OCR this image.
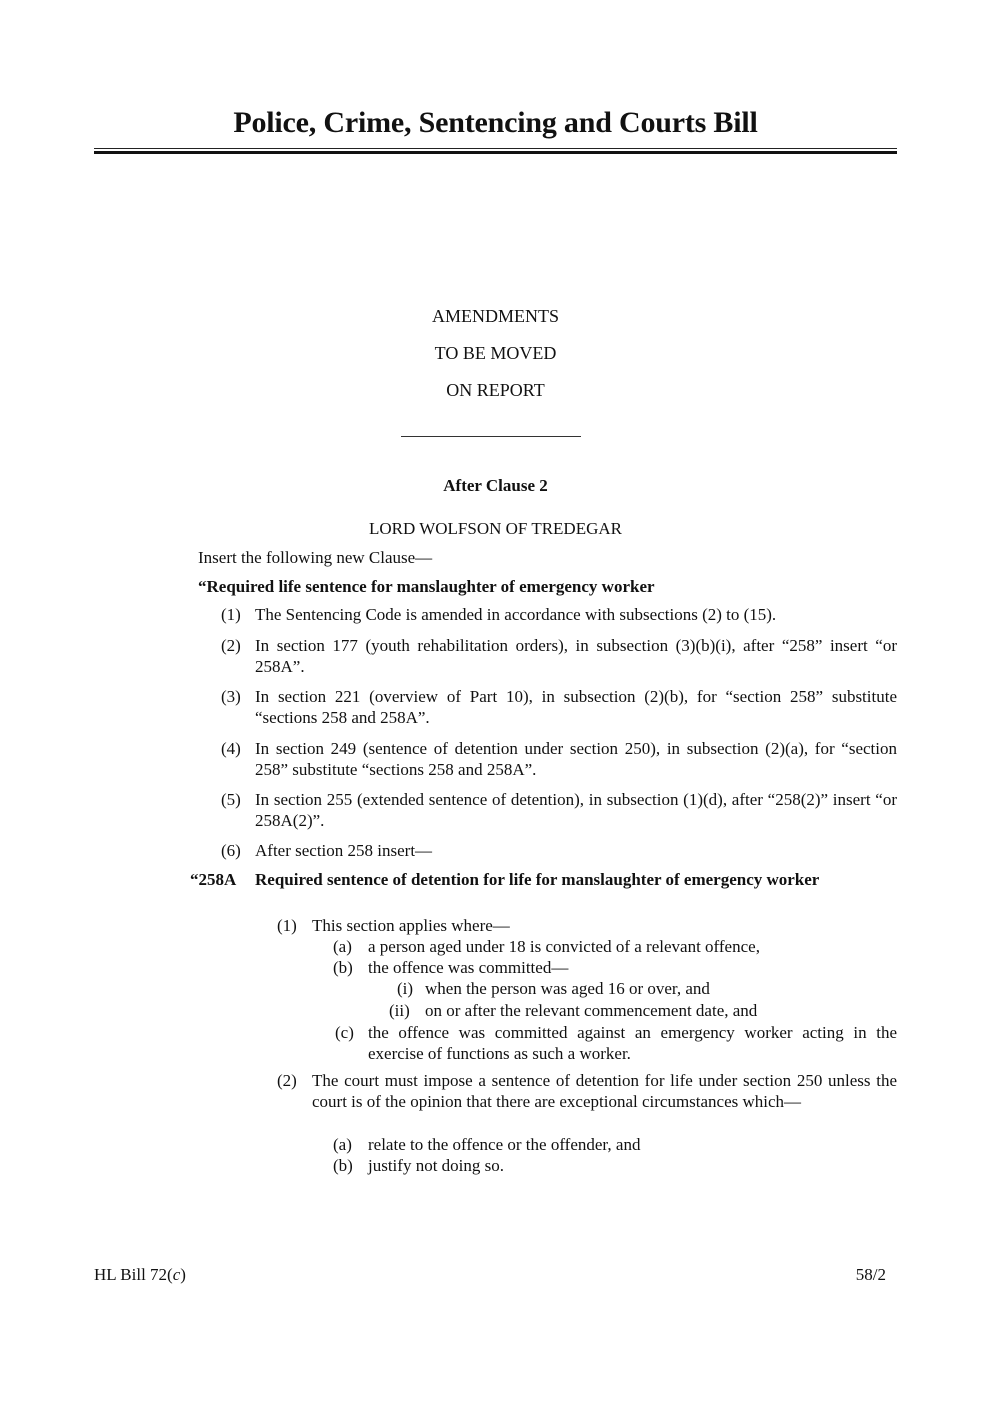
Police, Crime, Sentencing and Courts Bill
AMENDMENTS
TO BE MOVED
ON REPORT
After Clause 2
LORD WOLFSON OF TREDEGAR
Insert the following new Clause—
“Required life sentence for manslaughter of emergency worker
(1) The Sentencing Code is amended in accordance with subsections (2) to (15).
(2) In section 177 (youth rehabilitation orders), in subsection (3)(b)(i), after “258” insert “or 258A”.
(3) In section 221 (overview of Part 10), in subsection (2)(b), for “section 258” substitute “sections 258 and 258A”.
(4) In section 249 (sentence of detention under section 250), in subsection (2)(a), for “section 258” substitute “sections 258 and 258A”.
(5) In section 255 (extended sentence of detention), in subsection (1)(d), after “258(2)” insert “or 258A(2)”.
(6) After section 258 insert—
“258A Required sentence of detention for life for manslaughter of emergency worker
(1) This section applies where—
(a) a person aged under 18 is convicted of a relevant offence,
(b) the offence was committed—
(i) when the person was aged 16 or over, and
(ii) on or after the relevant commencement date, and
(c) the offence was committed against an emergency worker acting in the exercise of functions as such a worker.
(2) The court must impose a sentence of detention for life under section 250 unless the court is of the opinion that there are exceptional circumstances which—
(a) relate to the offence or the offender, and
(b) justify not doing so.
HL Bill 72(c)	58/2
